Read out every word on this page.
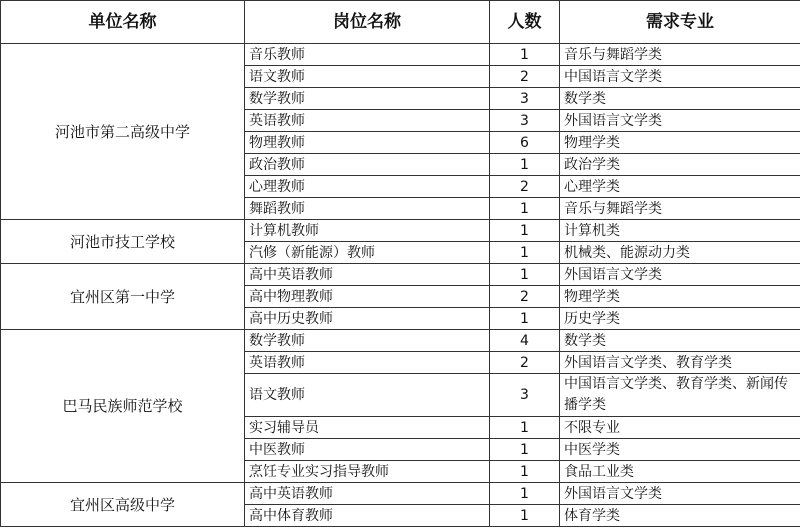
单位名称	岗位名称	人数	需求专业
河池市第二高级中学	音乐教师	1	音乐与舞蹈学类
	语文教师	2	中国语言文学类
	数学教师	3	数学类
	英语教师	3	外国语言文学类
	物理教师	6	物理学类
	政治教师	1	政治学类
	心理教师	2	心理学类
	舞蹈教师	1	音乐与舞蹈学类
河池市技工学校	计算机教师	1	计算机类
	汽修（新能源）教师	1	机械类、能源动力类
宜州区第一中学	高中英语教师	1	外国语言文学类
	高中物理教师	2	物理学类
	高中历史教师	1	历史学类
巴马民族师范学校	数学教师	4	数学类
	英语教师	2	外国语言文学类、教育学类
	语文教师	3	中国语言文学类、教育学类、新闻传播学类
	实习辅导员	1	不限专业
	中医教师	1	中医学类
	烹饪专业实习指导教师	1	食品工业类
宜州区高级中学	高中英语教师	1	外国语言文学类
	高中体育教师	1	体育学类
